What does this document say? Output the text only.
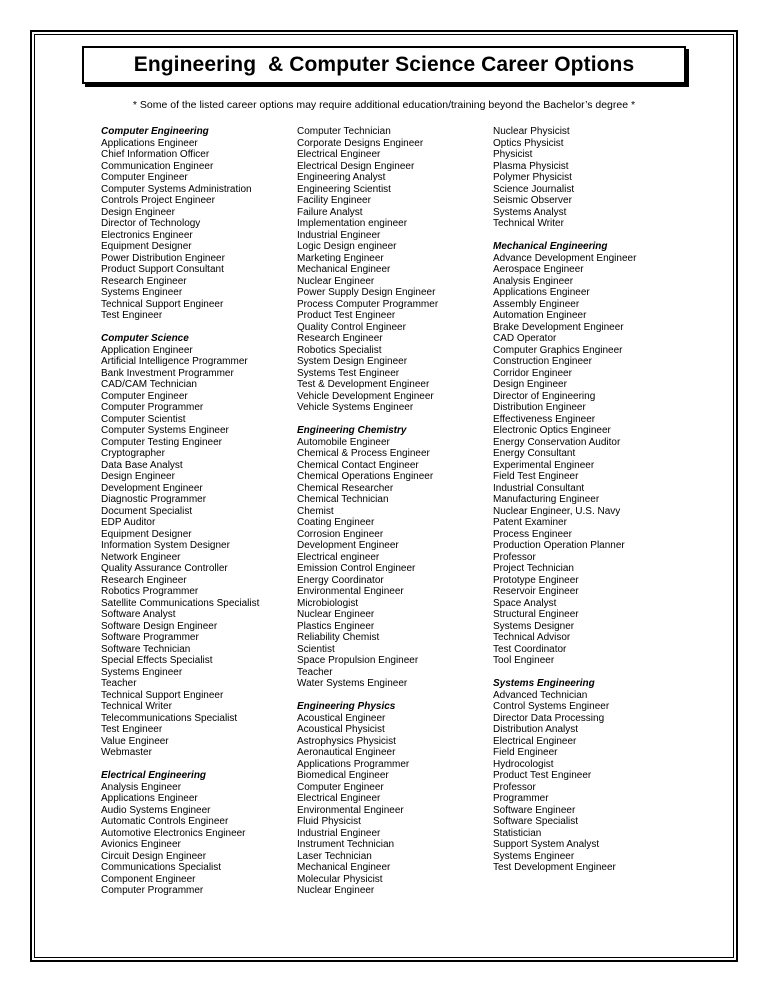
Engineering  & Computer Science Career Options
* Some of the listed career options may require additional education/training beyond the Bachelor’s degree *
Computer Engineering
Applications Engineer
Chief Information Officer
Communication Engineer
Computer Engineer
Computer Systems Administration
Controls Project Engineer
Design Engineer
Director of Technology
Electronics Engineer
Equipment Designer
Power Distribution Engineer
Product Support Consultant
Research Engineer
Systems Engineer
Technical Support Engineer
Test Engineer
Computer Science
Application Engineer
Artificial Intelligence Programmer
Bank Investment Programmer
CAD/CAM Technician
Computer Engineer
Computer Programmer
Computer Scientist
Computer Systems Engineer
Computer Testing Engineer
Cryptographer
Data Base Analyst
Design Engineer
Development Engineer
Diagnostic Programmer
Document Specialist
EDP Auditor
Equipment Designer
Information System Designer
Network Engineer
Quality Assurance Controller
Research Engineer
Robotics Programmer
Satellite Communications Specialist
Software Analyst
Software Design Engineer
Software Programmer
Software Technician
Special Effects Specialist
Systems Engineer
Teacher
Technical Support Engineer
Technical Writer
Telecommunications Specialist
Test Engineer
Value Engineer
Webmaster
Electrical Engineering
Analysis Engineer
Applications Engineer
Audio Systems Engineer
Automatic Controls Engineer
Automotive Electronics Engineer
Avionics Engineer
Circuit Design Engineer
Communications Specialist
Component Engineer
Computer Programmer
Computer Technician
Corporate Designs Engineer
Electrical Engineer
Electrical Design Engineer
Engineering Analyst
Engineering Scientist
Facility Engineer
Failure Analyst
Implementation engineer
Industrial Engineer
Logic Design engineer
Marketing Engineer
Mechanical Engineer
Nuclear Engineer
Power Supply Design Engineer
Process Computer Programmer
Product Test Engineer
Quality Control Engineer
Research Engineer
Robotics Specialist
System Design Engineer
Systems Test Engineer
Test & Development Engineer
Vehicle Development Engineer
Vehicle Systems Engineer
Engineering Chemistry
Automobile Engineer
Chemical & Process Engineer
Chemical Contact Engineer
Chemical Operations Engineer
Chemical Researcher
Chemical Technician
Chemist
Coating Engineer
Corrosion Engineer
Development Engineer
Electrical engineer
Emission Control Engineer
Energy Coordinator
Environmental Engineer
Microbiologist
Nuclear Engineer
Plastics Engineer
Reliability Chemist
Scientist
Space Propulsion Engineer
Teacher
Water Systems Engineer
Engineering Physics
Acoustical Engineer
Acoustical Physicist
Astrophysics Physicist
Aeronautical Engineer
Applications Programmer
Biomedical Engineer
Computer Engineer
Electrical Engineer
Environmental Engineer
Fluid Physicist
Industrial Engineer
Instrument Technician
Laser Technician
Mechanical Engineer
Molecular Physicist
Nuclear Engineer
Nuclear Physicist
Optics Physicist
Physicist
Plasma Physicist
Polymer Physicist
Science Journalist
Seismic Observer
Systems Analyst
Technical Writer
Mechanical Engineering
Advance Development Engineer
Aerospace Engineer
Analysis Engineer
Applications Engineer
Assembly Engineer
Automation Engineer
Brake Development Engineer
CAD Operator
Computer Graphics Engineer
Construction Engineer
Corridor Engineer
Design Engineer
Director of Engineering
Distribution Engineer
Effectiveness Engineer
Electronic Optics Engineer
Energy Conservation Auditor
Energy Consultant
Experimental Engineer
Field Test Engineer
Industrial Consultant
Manufacturing Engineer
Nuclear Engineer, U.S. Navy
Patent Examiner
Process Engineer
Production Operation Planner
Professor
Project Technician
Prototype Engineer
Reservoir Engineer
Space Analyst
Structural Engineer
Systems Designer
Technical Advisor
Test Coordinator
Tool Engineer
Systems Engineering
Advanced Technician
Control Systems Engineer
Director Data Processing
Distribution Analyst
Electrical Engineer
Field Engineer
Hydrocologist
Product Test Engineer
Professor
Programmer
Software Engineer
Software Specialist
Statistician
Support System Analyst
Systems Engineer
Test Development Engineer
